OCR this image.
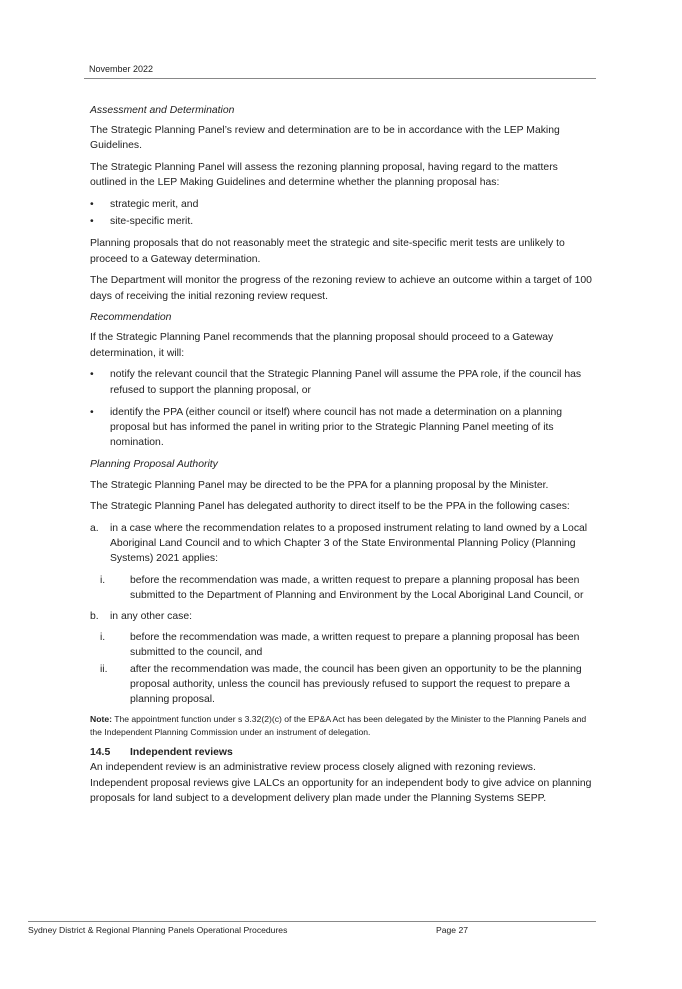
November 2022

Assessment and Determination

The Strategic Planning Panel’s review and determination are to be in accordance with the LEP Making Guidelines.

The Strategic Planning Panel will assess the rezoning planning proposal, having regard to the matters outlined in the LEP Making Guidelines and determine whether the planning proposal has:

• strategic merit, and
• site-specific merit.

Planning proposals that do not reasonably meet the strategic and site-specific merit tests are unlikely to proceed to a Gateway determination.

The Department will monitor the progress of the rezoning review to achieve an outcome within a target of 100 days of receiving the initial rezoning review request.

Recommendation

If the Strategic Planning Panel recommends that the planning proposal should proceed to a Gateway determination, it will:

• notify the relevant council that the Strategic Planning Panel will assume the PPA role, if the council has refused to support the planning proposal, or
• identify the PPA (either council or itself) where council has not made a determination on a planning proposal but has informed the panel in writing prior to the Strategic Planning Panel meeting of its nomination.

Planning Proposal Authority

The Strategic Planning Panel may be directed to be the PPA for a planning proposal by the Minister.

The Strategic Planning Panel has delegated authority to direct itself to be the PPA in the following cases:

a. in a case where the recommendation relates to a proposed instrument relating to land owned by a Local Aboriginal Land Council and to which Chapter 3 of the State Environmental Planning Policy (Planning Systems) 2021 applies:
i.	before the recommendation was made, a written request to prepare a planning proposal has been submitted to the Department of Planning and Environment by the Local Aboriginal Land Council, or
b. in any other case:
i.	before the recommendation was made, a written request to prepare a planning proposal has been submitted to the council, and
ii.	after the recommendation was made, the council has been given an opportunity to be the planning proposal authority, unless the council has previously refused to support the request to prepare a planning proposal.

Note: The appointment function under s 3.32(2)(c) of the EP&A Act has been delegated by the Minister to the Planning Panels and the Independent Planning Commission under an instrument of delegation.

14.5 Independent reviews

An independent review is an administrative review process closely aligned with rezoning reviews. Independent proposal reviews give LALCs an opportunity for an independent body to give advice on planning proposals for land subject to a development delivery plan made under the Planning Systems SEPP.

Sydney District & Regional Planning Panels Operational Procedures	Page 27
